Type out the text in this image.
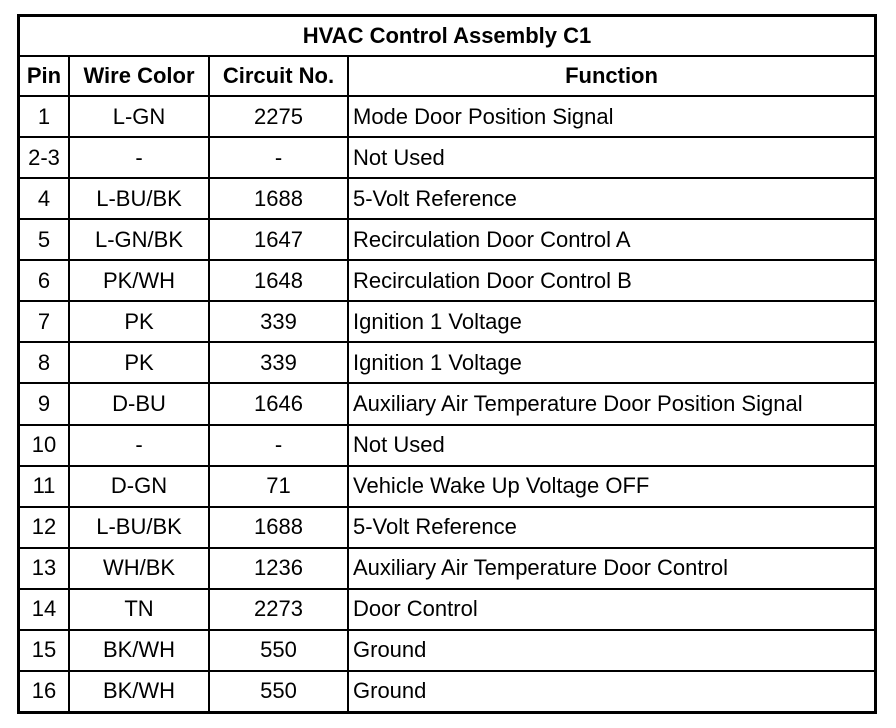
HVAC Control Assembly C1			
Pin	Wire Color	Circuit No.	Function
1	L-GN	2275	Mode Door Position Signal
2-3	-	-	Not Used
4	L-BU/BK	1688	5-Volt Reference
5	L-GN/BK	1647	Recirculation Door Control A
6	PK/WH	1648	Recirculation Door Control B
7	PK	339	Ignition 1 Voltage
8	PK	339	Ignition 1 Voltage
9	D-BU	1646	Auxiliary Air Temperature Door Position Signal
10	-	-	Not Used
11	D-GN	71	Vehicle Wake Up Voltage OFF
12	L-BU/BK	1688	5-Volt Reference
13	WH/BK	1236	Auxiliary Air Temperature Door Control
14	TN	2273	Door Control
15	BK/WH	550	Ground
16	BK/WH	550	Ground
